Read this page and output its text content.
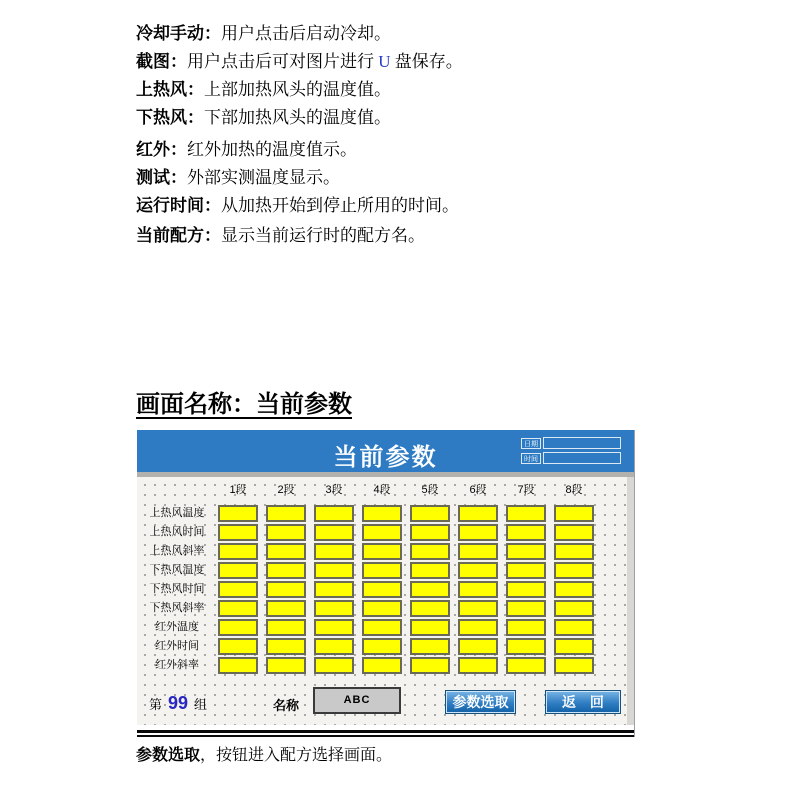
冷却手动：用户点击后启动冷却。

截图：用户点击后可对图片进行 U 盘保存。

上热风：上部加热风头的温度值。

下热风：下部加热风头的温度值。

红外：红外加热的温度值示。

测试：外部实测温度显示。

运行时间：从加热开始到停止所用的时间。

当前配方：显示当前运行时的配方名。

画面名称：当前参数
当前参数	日期
时间
第 99 组	名称	ABC	参数选取	返 回
1段	2段	3段	4段	5段	6段	7段	8段
上热风温度
上热风时间
上热风斜率
下热风温度
下热风时间
下热风斜率
红外温度
红外时间
红外斜率

参数选取，按钮进入配方选择画面。
